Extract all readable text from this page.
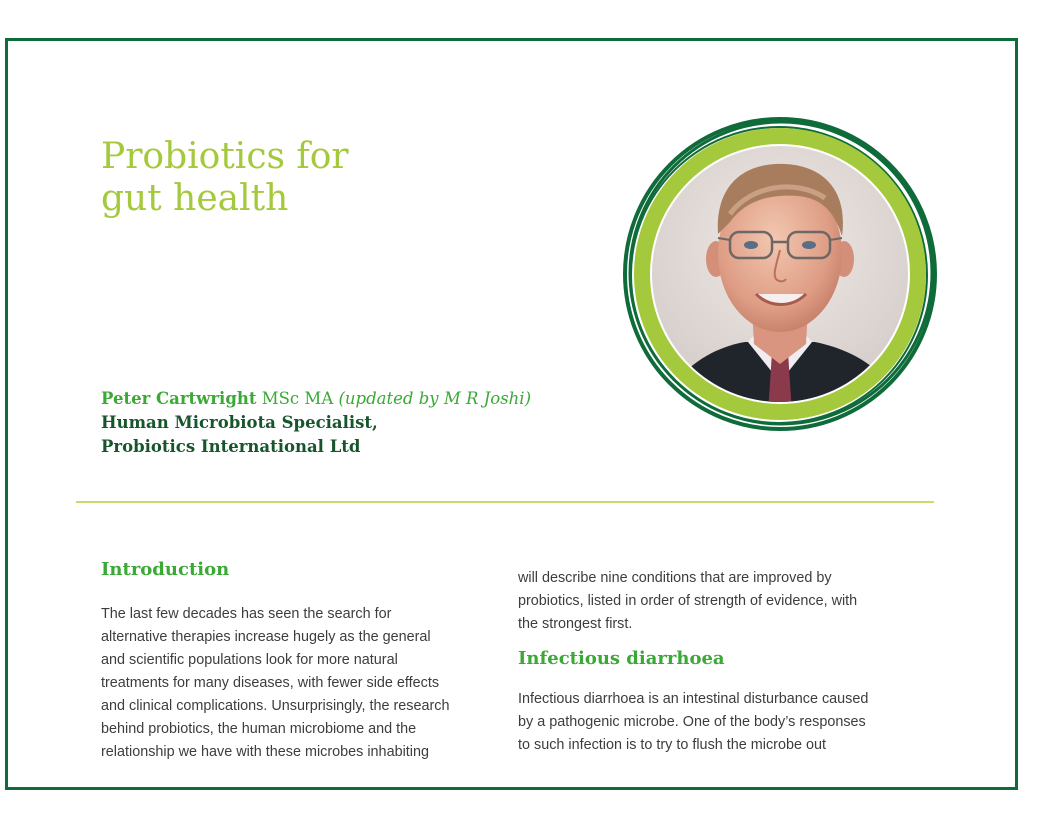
Probiotics for
gut health
Peter Cartwright MSc MA (updated by M R Joshi)
Human Microbiota Specialist,
Probiotics International Ltd
Introduction

The last few decades has seen the search for
alternative therapies increase hugely as the general
and scientific populations look for more natural
treatments for many diseases, with fewer side effects
and clinical complications. Unsurprisingly, the research
behind probiotics, the human microbiome and the
relationship we have with these microbes inhabiting

will describe nine conditions that are improved by
probiotics, listed in order of strength of evidence, with
the strongest first.

Infectious diarrhoea

Infectious diarrhoea is an intestinal disturbance caused
by a pathogenic microbe. One of the body’s responses
to such infection is to try to flush the microbe out
